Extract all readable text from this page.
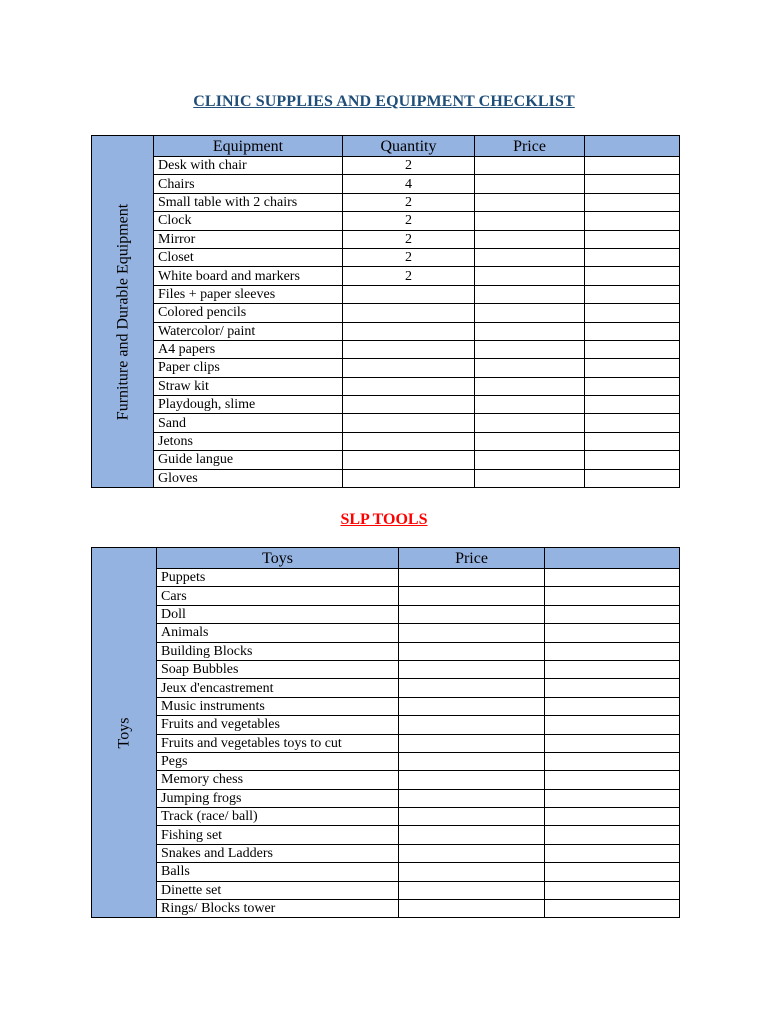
CLINIC SUPPLIES AND EQUIPMENT CHECKLIST
Furniture and Durable Equipment	Equipment	Quantity	Price	
	Desk with chair	2		
	Chairs	4		
	Small table with 2 chairs	2		
	Clock	2		
	Mirror	2		
	Closet	2		
	White board and markers	2		
	Files + paper sleeves			
	Colored pencils			
	Watercolor/ paint			
	A4 papers			
	Paper clips			
	Straw kit			
	Playdough, slime			
	Sand			
	Jetons			
	Guide langue			
	Gloves			
SLP TOOLS
Toys	Toys	Price	
	Puppets		
	Cars		
	Doll		
	Animals		
	Building Blocks		
	Soap Bubbles		
	Jeux d'encastrement		
	Music instruments		
	Fruits and vegetables		
	Fruits and vegetables toys to cut		
	Pegs		
	Memory chess		
	Jumping frogs		
	Track (race/ ball)		
	Fishing set		
	Snakes and Ladders		
	Balls		
	Dinette set		
	Rings/ Blocks tower		
